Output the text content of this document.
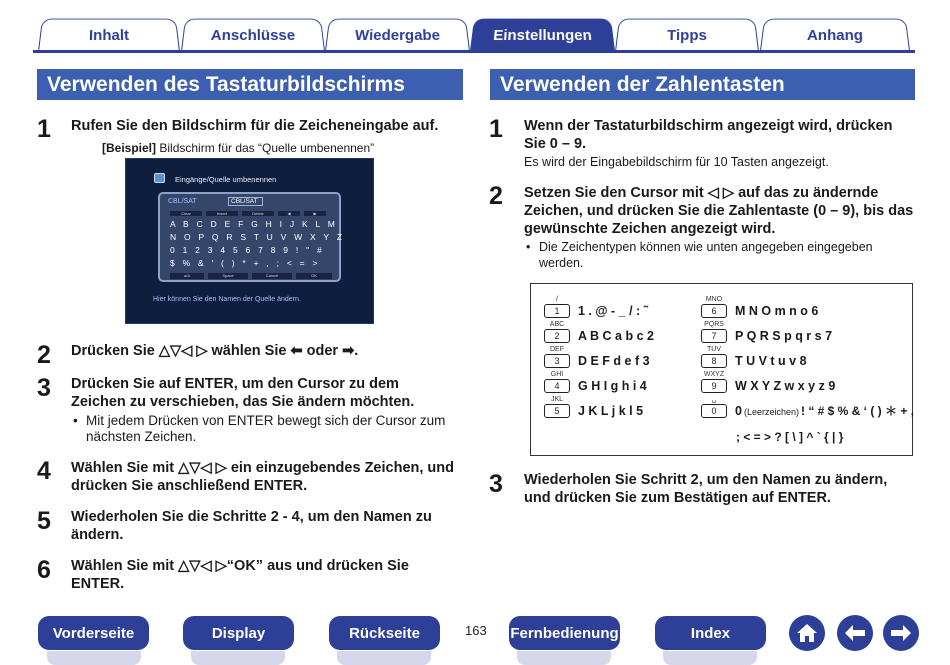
Inhalt	Anschlüsse	Wiedergabe	Einstellungen	Tipps	Anhang
Verwenden des Tastaturbildschirms	Verwenden der Zahlentasten
1 Rufen Sie den Bildschirm für die Zeicheneingabe auf.
[Beispiel] Bildschirm für das “Quelle umbenennen”
Eingänge/Quelle umbenennen
CBL/SAT	CBL/SAT
Clear	Insert	Delete	◀	▶
A B C D E F G H I J K L M
N O P Q R S T U V W X Y Z
0 1 2 3 4 5 6 7 8 9 ! " #
$ % & ' ( ) * + , ; < = >
a/A	Space	Cancel	OK
Hier können Sie den Namen der Quelle ändern.
2 Drücken Sie △▽◁ ▷ wählen Sie ⬅ oder ➡.
3 Drücken Sie auf ENTER, um den Cursor zu dem Zeichen zu verschieben, das Sie ändern möchten.
• Mit jedem Drücken von ENTER bewegt sich der Cursor zum nächsten Zeichen.
4 Wählen Sie mit △▽◁ ▷ ein einzugebendes Zeichen, und drücken Sie anschließend ENTER.
5 Wiederholen Sie die Schritte 2 - 4, um den Namen zu ändern.
6 Wählen Sie mit △▽◁ ▷“OK” aus und drücken Sie ENTER.
1 Wenn der Tastaturbildschirm angezeigt wird, drücken Sie 0 – 9.
Es wird der Eingabebildschirm für 10 Tasten angezeigt.
2 Setzen Sie den Cursor mit ◁ ▷ auf das zu ändernde Zeichen, und drücken Sie die Zahlentaste (0 – 9), bis das gewünschte Zeichen angezeigt wird.
• Die Zeichentypen können wie unten angegeben eingegeben werden.
/
1	1 . @ - _ / : ˜
ABC
2	A B C a b c 2
DEF
3	D E F d e f 3
GHI
4	G H I g h i 4
JKL
5	J K L j k l 5
MNO
6	M N O m n o 6
PQRS
7	P Q R S p q r s 7
TUV
8	T U V t u v 8
WXYZ
9	W X Y Z w x y z 9
␣
0	0 (Leerzeichen) ! “ # $ % & ‘ ( ) ＊ + ,
; < = > ? [ \ ] ^ ` { | }
3 Wiederholen Sie Schritt 2, um den Namen zu ändern, und drücken Sie zum Bestätigen auf ENTER.
163
Vorderseite	Display	Rückseite	Fernbedienung	Index
